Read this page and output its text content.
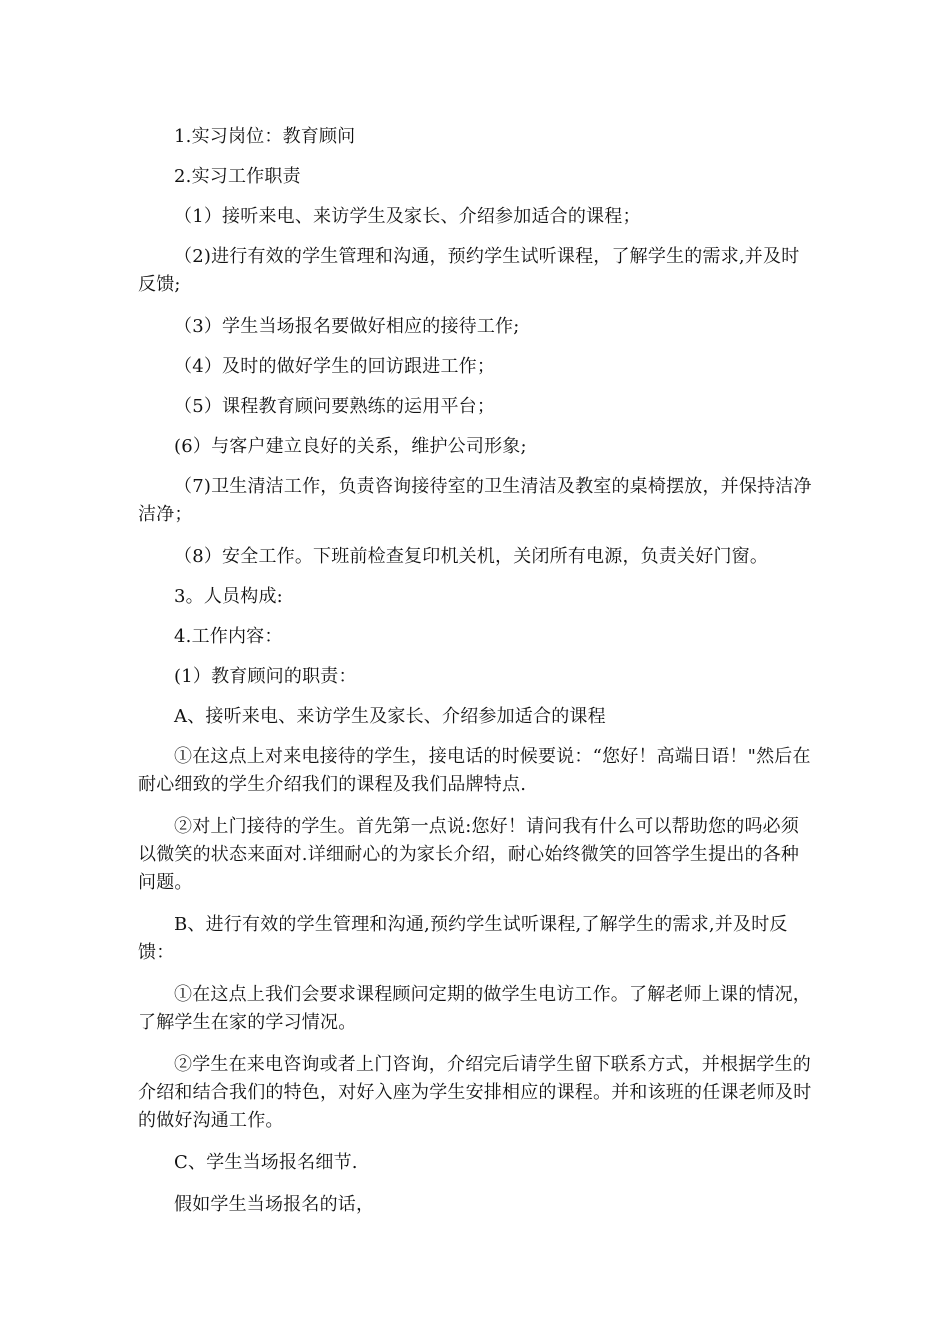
1.实习岗位：教育顾问

2.实习工作职责

（1）接听来电、来访学生及家长、介绍参加适合的课程；

（2)进行有效的学生管理和沟通，预约学生试听课程，了解学生的需求,并及时反馈;

（3）学生当场报名要做好相应的接待工作;

（4）及时的做好学生的回访跟进工作；

（5）课程教育顾问要熟练的运用平台；

(6）与客户建立良好的关系，维护公司形象;

（7)卫生清洁工作，负责咨询接待室的卫生清洁及教室的桌椅摆放，并保持洁净洁净；

（8）安全工作。下班前检查复印机关机，关闭所有电源，负责关好门窗。

3。人员构成:

4.工作内容：

(1）教育顾问的职责：

A、接听来电、来访学生及家长、介绍参加适合的课程

①在这点上对来电接待的学生，接电话的时候要说：“您好！高端日语！"然后在耐心细致的学生介绍我们的课程及我们品牌特点.

②对上门接待的学生。首先第一点说:您好！请问我有什么可以帮助您的吗必须以微笑的状态来面对.详细耐心的为家长介绍，耐心始终微笑的回答学生提出的各种问题。

B、进行有效的学生管理和沟通,预约学生试听课程,了解学生的需求,并及时反馈：

①在这点上我们会要求课程顾问定期的做学生电访工作。了解老师上课的情况，了解学生在家的学习情况。

②学生在来电咨询或者上门咨询，介绍完后请学生留下联系方式，并根据学生的介绍和结合我们的特色，对好入座为学生安排相应的课程。并和该班的任课老师及时的做好沟通工作。

C、学生当场报名细节.

假如学生当场报名的话，
